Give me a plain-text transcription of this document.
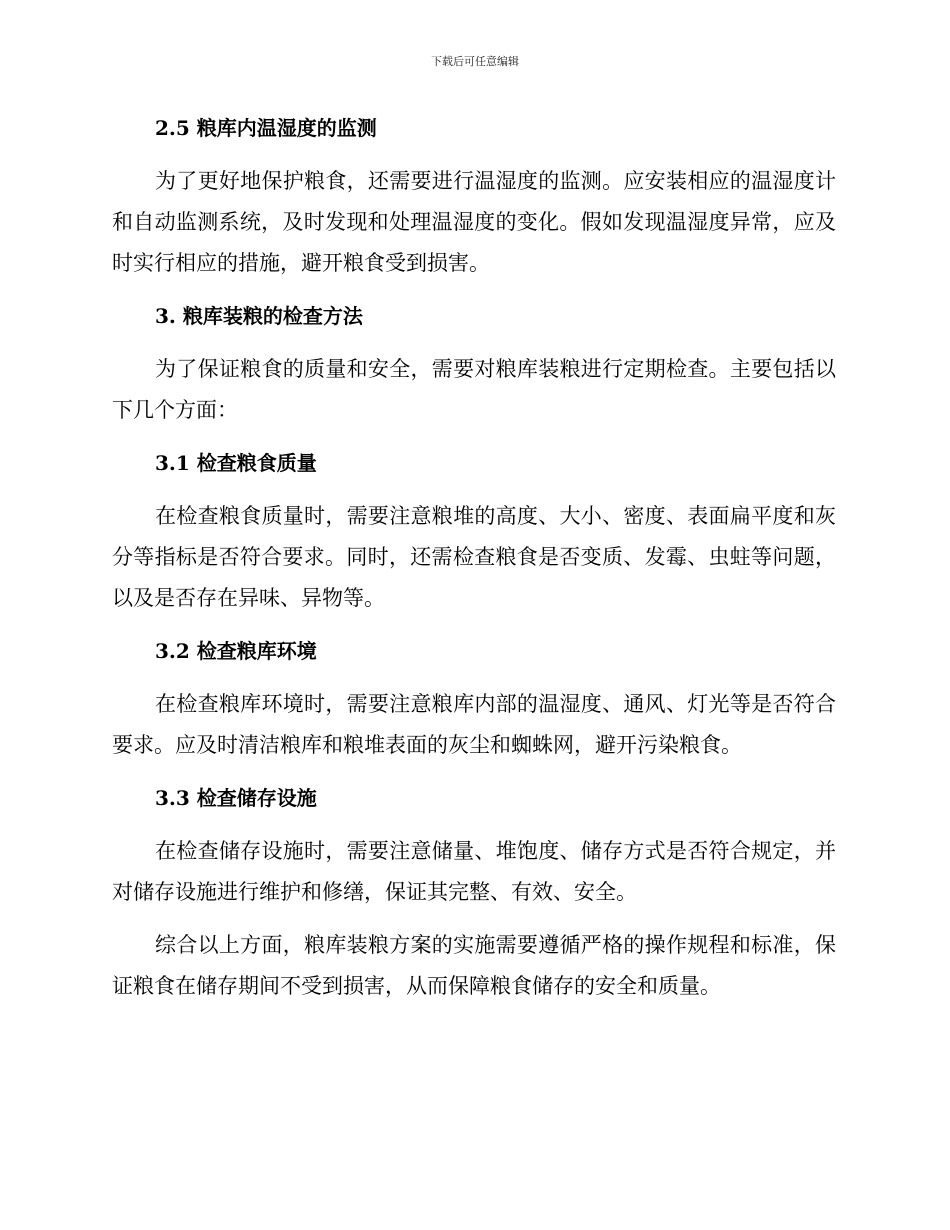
下载后可任意编辑
2.5 粮库内温湿度的监测

为了更好地保护粮食，还需要进行温湿度的监测。应安装相应的温湿度计和自动监测系统，及时发现和处理温湿度的变化。假如发现温湿度异常，应及时实行相应的措施，避开粮食受到损害。

3. 粮库装粮的检查方法

为了保证粮食的质量和安全，需要对粮库装粮进行定期检查。主要包括以下几个方面：

3.1 检查粮食质量

在检查粮食质量时，需要注意粮堆的高度、大小、密度、表面扁平度和灰分等指标是否符合要求。同时，还需检查粮食是否变质、发霉、虫蛀等问题，以及是否存在异味、异物等。

3.2 检查粮库环境

在检查粮库环境时，需要注意粮库内部的温湿度、通风、灯光等是否符合要求。应及时清洁粮库和粮堆表面的灰尘和蜘蛛网，避开污染粮食。

3.3 检查储存设施

在检查储存设施时，需要注意储量、堆饱度、储存方式是否符合规定，并对储存设施进行维护和修缮，保证其完整、有效、安全。

综合以上方面，粮库装粮方案的实施需要遵循严格的操作规程和标准，保证粮食在储存期间不受到损害，从而保障粮食储存的安全和质量。
